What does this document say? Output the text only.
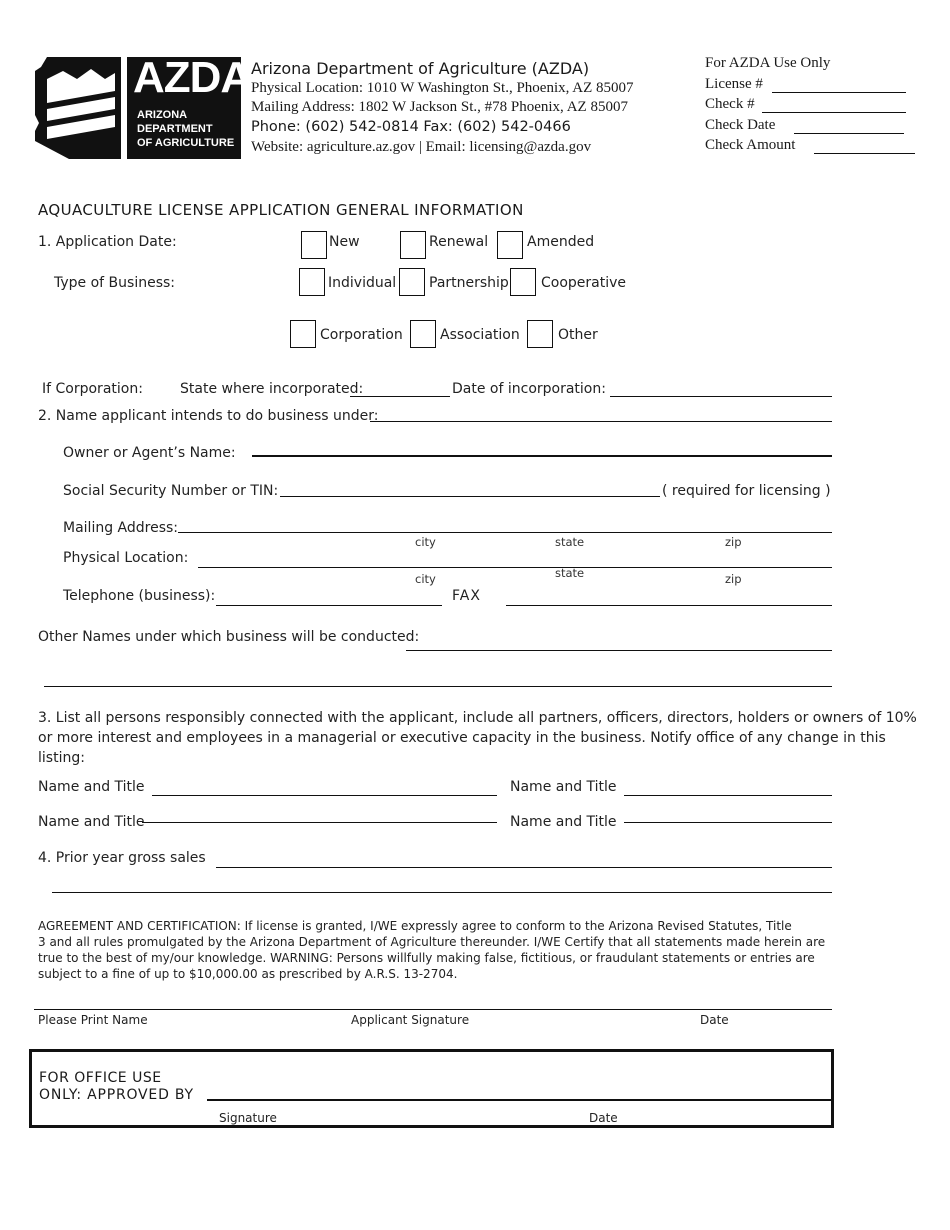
AZDA
ARIZONA
DEPARTMENT
OF AGRICULTURE
Arizona Department of Agriculture (AZDA)
Physical Location: 1010 W Washington St., Phoenix, AZ 85007
Mailing Address: 1802 W Jackson St., #78 Phoenix, AZ 85007
Phone: (602) 542-0814 Fax: (602) 542-0466
Website: agriculture.az.gov | Email: licensing@azda.gov
For AZDA Use Only
License #
Check #
Check Date
Check Amount
AQUACULTURE LICENSE APPLICATION GENERAL INFORMATION
1. Application Date:	New	Renewal	Amended
Type of Business:	Individual Partnership Cooperative
Corporation	Association	Other
If Corporation:	State where incorporated:	Date of incorporation:
2. Name applicant intends to do business under:
Owner or Agent’s Name:
Social Security Number or TIN:	( required for licensing )
Mailing Address:
city	state	zip
Physical Location:
state
city	zip
Telephone (business):	FAX
Other Names under which business will be conducted:
3. List all persons responsibly connected with the applicant, include all partners, officers, directors, holders or owners of 10%
or more interest and employees in a managerial or executive capacity in the business. Notify office of any change in this
listing:
Name and Title	Name and Title
Name and Title	Name and Title
4. Prior year gross sales
AGREEMENT AND CERTIFICATION: If license is granted, I/WE expressly agree to conform to the Arizona Revised Statutes, Title
3 and all rules promulgated by the Arizona Department of Agriculture thereunder. I/WE Certify that all statements made herein are
true to the best of my/our knowledge. WARNING: Persons willfully making false, fictitious, or fraudulant statements or entries are
subject to a fine of up to $10,000.00 as prescribed by A.R.S. 13-2704.
Please Print Name	Applicant Signature	Date
FOR OFFICE USE
ONLY: APPROVED BY
Signature	Date
